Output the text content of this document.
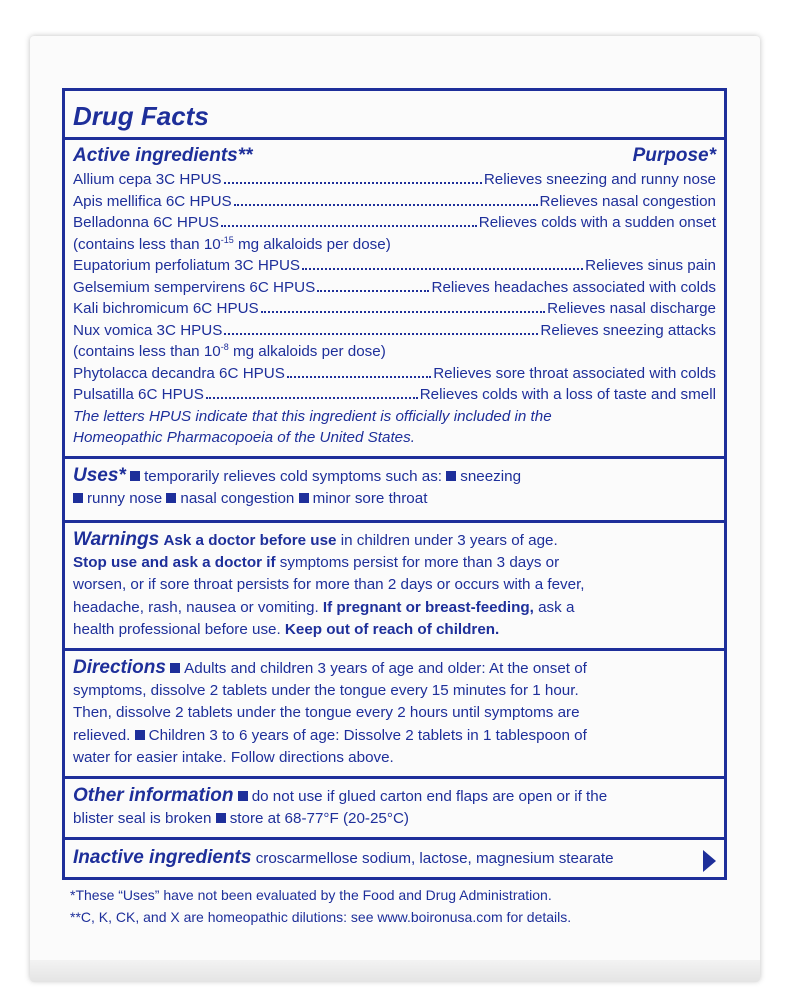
Drug Facts
Active ingredients**	Purpose*
Allium cepa 3C HPUS	Relieves sneezing and runny nose
Apis mellifica 6C HPUS	Relieves nasal congestion
Belladonna 6C HPUS	Relieves colds with a sudden onset
(contains less than $10^{-15}$ mg alkaloids per dose)
Eupatorium perfoliatum 3C HPUS	Relieves sinus pain
Gelsemium sempervirens 6C HPUS	Relieves headaches associated with colds
Kali bichromicum 6C HPUS	Relieves nasal discharge
Nux vomica 3C HPUS	Relieves sneezing attacks
(contains less than $10^{-8}$ mg alkaloids per dose)
Phytolacca decandra 6C HPUS	Relieves sore throat associated with colds
Pulsatilla 6C HPUS	Relieves colds with a loss of taste and smell
The letters HPUS indicate that this ingredient is officially included in the
Homeopathic Pharmacopoeia of the United States.
Uses* temporarily relieves cold symptoms such as: sneezing
runny nose nasal congestion minor sore throat
Warnings Ask a doctor before use in children under 3 years of age.
Stop use and ask a doctor if symptoms persist for more than 3 days or
worsen, or if sore throat persists for more than 2 days or occurs with a fever,
headache, rash, nausea or vomiting. If pregnant or breast-feeding, ask a
health professional before use. Keep out of reach of children.
Directions Adults and children 3 years of age and older: At the onset of
symptoms, dissolve 2 tablets under the tongue every 15 minutes for 1 hour.
Then, dissolve 2 tablets under the tongue every 2 hours until symptoms are
relieved. Children 3 to 6 years of age: Dissolve 2 tablets in 1 tablespoon of
water for easier intake. Follow directions above.
Other information do not use if glued carton end flaps are open or if the
blister seal is broken store at 68-77°F (20-25°C)
Inactive ingredients croscarmellose sodium, lactose, magnesium stearate
*These “Uses” have not been evaluated by the Food and Drug Administration.
**C, K, CK, and X are homeopathic dilutions: see www.boironusa.com for details.
